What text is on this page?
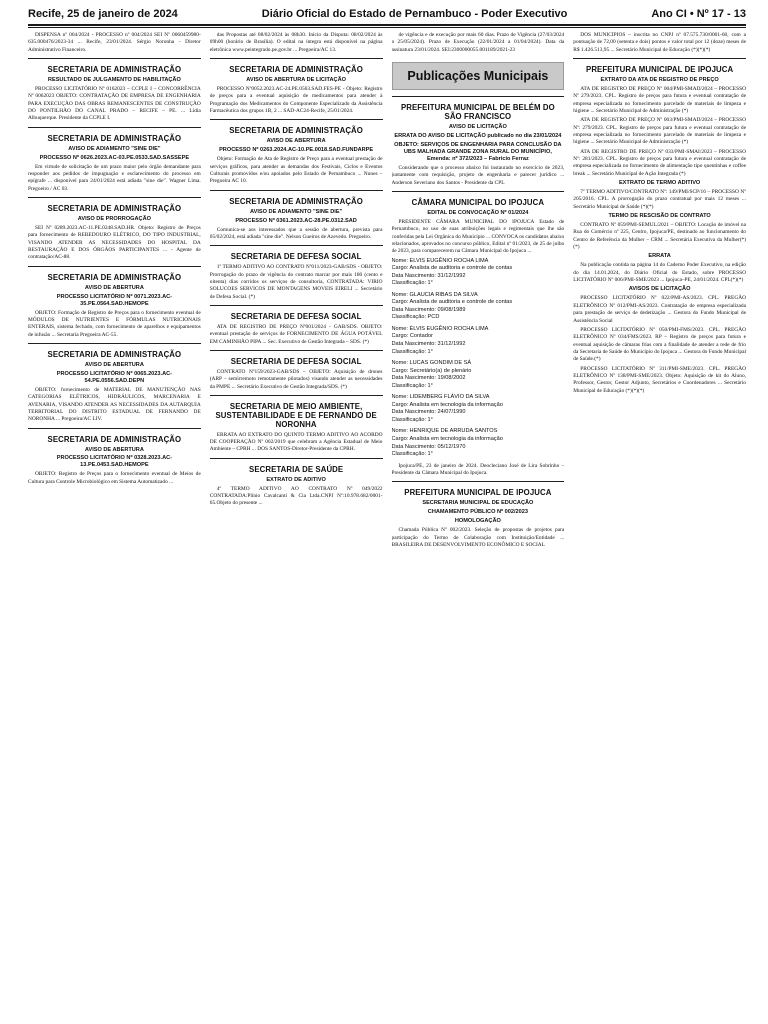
Recife, 25 de janeiro de 2024	Diário Oficial do Estado de Pernambuco - Poder Executivo	Ano CI • Nº 17 - 13

DISPENSA nº 004/2024 - PROCESSO nº 004/2024 SEI Nº 0060459980-635.000476/2023-34 ... Recife, 23/01/2024. Sérgio Noronha - Diretor Administrativo Financeiro.

SECRETARIA DE ADMINISTRAÇÃO
RESULTADO DE JULGAMENTO DE HABILITAÇÃO

PROCESSO LICITATÓRIO Nº 0162023 – CCPLE I – CONCORRÊNCIA Nº 0062023 OBJETO: CONTRATAÇÃO DE EMPRESA DE ENGENHARIA PARA EXECUÇÃO DAS OBRAS REMANESCENTES DE CONSTRUÇÃO DO PONTILHÃO DO CANAL PRADO – RECIFE – PE. ... Lídia Albuquerque. Presidente da CCPLE I.

SECRETARIA DE ADMINISTRAÇÃO
AVISO DE ADIAMENTO "SINE DIE"
PROCESSO Nº 0626.2023.AC-03.PE.0533.SAD.SASSEPE

Em virtude de solicitação de um prazo maior pelo órgão demandante para responder aos pedidos de impugnação e esclarecimento do processo em epígrafe ... disponível para 24/01/2024 está adiada "sine die". Wagner Lima. Pregoeiro / AC 03.

SECRETARIA DE ADMINISTRAÇÃO
AVISO DE PRORROGAÇÃO

SEI Nº 0289.2023.AC-11.PE.0248.SAD.HR. Objeto: Registro de Preços para fornecimento de REBEDOURO ELÉTRICO, DO TIPO INDUSTRIAL, VISANDO ATENDER AS NECESSIDADES DO HOSPITAL DA RESTAURAÇÃO E DOS ÓRGÃOS PARTICIPANTES ... - Agente de contratação/AC-88.

SECRETARIA DE ADMINISTRAÇÃO
AVISO DE ABERTURA
PROCESSO LICITATÓRIO Nº 0071.2023.AC-35.PE.0564.SAD.HEMOPE

OBJETO: Formação de Registro de Preços para o fornecimento eventual de MÓDULOS DE NUTRIENTES E FÓRMULAS NUTRICIONAIS ENTERAIS, sistema fechado, com fornecimento de aparelhos e equipamentos de infusão ... Secretaria Pregoeira AC-55.

SECRETARIA DE ADMINISTRAÇÃO
AVISO DE ABERTURA
PROCESSO LICITATÓRIO Nº 0065.2023.AC-54.PE.0556.SAD.DEPN

OBJETO: fornecimento de MATERIAL DE MANUTENÇÃO NAS CATEGORIAS ELÉTRICOS, HIDRÁULICOS, MARCENARIA E AVENARIA, VISANDO ATENDER AS NECESSIDADES DA AUTARQUIA TERRITORIAL DO DISTRITO ESTADUAL DE FERNANDO DE NORONHA ... Pregoeira/AC LIV.

SECRETARIA DE ADMINISTRAÇÃO
AVISO DE ABERTURA
PROCESSO LICITATÓRIO Nº 0328.2023.AC-13.PE.0453.SAD.HEMOPE

OBJETO: Registro de Preços para o fornecimento eventual de Meios de Cultura para Controle Microbiológico em Sistema Automatizado ...

das Propostas até 08/02/2024 às 08h30. Início da Disputa: 08/02/2024 às 09h00 (horário de Brasília). O edital na íntegra está disponível na página eletrônica www.peintegrado.pe.gov.br ... Pregoeira/AC 13.

SECRETARIA DE ADMINISTRAÇÃO
AVISO DE ABERTURA DE LICITAÇÃO

PROCESSO Nº0052.2023.AC-24.PE.0563.SAD.FES-PE - Objeto: Registro de preços para a eventual aquisição de medicamentos para atender à Programação dos Medicamentos do Componente Especializado da Assistência Farmacêutica dos grupos 1B, 2 ... SAD-AC24-Recife, 25/01/2024.

SECRETARIA DE ADMINISTRAÇÃO
AVISO DE ABERTURA
PROCESSO Nº 0263.2024.AC-10.PE.0018.SAD.FUNDARPE

Objeto: Formação de Ata de Registro de Preço para a eventual prestação de serviços gráficos, para atender as demandas dos Festivais, Ciclos e Eventos Culturais promovidos e/ou apoiados pelo Estado de Pernambuco ... Nunes – Pregoeira AC 10.

SECRETARIA DE ADMINISTRAÇÃO
AVISO DE ADIAMENTO "SINE DIE"
PROCESSO Nº 0361.2023.AC-28.PE.0312.SAD

Comunica-se aos interessados que a sessão de abertura, prevista para 05/02/2024, está adiada "sine die". Nelson Gueiros de Azevedo. Pregoeiro.

SECRETARIA DE DEFESA SOCIAL

1º TERMO ADITIVO AO CONTRATO Nº011/2023-GAB/SDS - OBJETO: Prorrogação do prazo de vigência do contrato marcar por mais 180 (cento e oitenta) dias corridos os serviços de consultoria, CONTRATADA: VIRIO SOLUCOES SERVICOS DE MONTAGENS MOVEIS EIRELI ... Secretário de Defesa Social. (*)

SECRETARIA DE DEFESA SOCIAL

ATA DE REGISTRO DE PREÇO Nº001/2024 - GAB/SDS. OBJETO: eventual prestação de serviços de FORNECIMENTO DE ÁGUA POTÁVEL EM CAMINHÃO PIPA ... Sec. Executivo de Gestão Integrada – SDS. (*)

SECRETARIA DE DEFESA SOCIAL

CONTRATO Nº159/2023-GAB/SDS – OBJETO: Aquisição de drones (ARP – semirremoto remotamente pilotados) visando atender as necessidades da PMPE ... Secretário Executivo de Gestão Integrada/SDS. (*)

SECRETARIA DE MEIO AMBIENTE, SUSTENTABILIDADE E DE FERNANDO DE NORONHA

ERRATA AO EXTRATO DO QUINTO TERMO ADITIVO AO ACORDO DE COOPERAÇÃO Nº 002/2019 que celebram a Agência Estadual de Meio Ambiente – CPRH ... DOS SANTOS-Diretor-Presidente da CPRH.

SECRETARIA DE SAÚDE
EXTRATO DE ADITIVO

4º TERMO ADITIVO AO CONTRATO Nº 049/2022 CONTRATADA:Plínio Cavalcanti & Cia Ltda.CNPJ Nº:10.978.682/0001-65.Objeto do presente ...

de vigência e de execução por mais 60 dias. Prazo de Vigência (27/03/2024 a 25/05/2024). Prazo de Execução (22/01/2024 a 01/04/2024). Data da assinatura 23/01/2024. SEI:2300000055.001189/2021-23

Publicações Municipais
PREFEITURA MUNICIPAL DE BELÉM DO SÃO FRANCISCO
AVISO DE LICITAÇÃO
ERRATA DO AVISO DE LICITAÇÃO publicado no dia 23/01/2024
OBJETO: SERVIÇOS DE ENGENHARIA PARA CONCLUSÃO DA UBS MALHADA GRANDE ZONA RURAL DO MUNICÍPIO, Emenda: nº 372/2023 – Fabricio Ferraz

Considerando que o processo abaixo foi instaurado no exercício de 2023, juntamente com requisição, projeto de engenharia e parecer jurídico ... Anderson Severiano dos Santos - Presidente da CPL

CÂMARA MUNICIPAL DO IPOJUCA
EDITAL DE CONVOCAÇÃO Nº 01/2024

PRESIDENTE CÂMARA MUNICIPAL DO IPOJUCA Estado de Pernambuco, no uso de suas atribuições legais e regimentais que lhe são conferidas pela Lei Orgânica do Município ... CONVOCA os candidatos abaixo relacionados, aprovados no concurso público, Edital nº 01/2023, de 25 de julho de 2023, para comparecerem na Câmara Municipal do Ipojuca ...

Nome: ELVIS EUGÊNIO ROCHA LIMA
Cargo: Analista de auditoria e controle de contas
Data Nascimento: 31/12/1992
Classificação: 1°
Nome: GLAUCIA RIBAS DA SILVA
Cargo: Analista de auditoria e controle de contas
Data Nascimento: 09/08/1989
Classificação: PCD
Nome: ÉLVIS EUGÊNIO ROCHA LIMA
Cargo: Contador
Data Nascimento: 31/12/1992
Classificação: 1°
Nome: LUCAS GONDIM DE SÁ
Cargo: Secretário(a) de plenário
Data Nascimento: 19/08/2002
Classificação: 1°
Nome: LIDEMBERG FLÁVIO DA SILVA
Cargo: Analista em tecnologia da informação
Data Nascimento: 24/07/1990
Classificação: 1°
Nome: HENRIQUE DE ARRUDA SANTOS
Cargo: Analista em tecnologia da informação
Data Nascimento: 05/12/1970
Classificação: 1°

Ipojuca/PE, 23 de janeiro de 2024. Deocleciano José de Lira Sobrinho – Presidente da Câmara Municipal do Ipojuca.

PREFEITURA MUNICIPAL DE IPOJUCA
SECRETARIA MUNICIPAL DE EDUCAÇÃO
CHAMAMENTO PÚBLICO Nº 002/2023
HOMOLOGAÇÃO

Chamada Pública Nº 002/2023. Seleção de propostas de projetos para participação do Termo de Colaboração com Instituição/Entidade ... BRASILEIRA DE DESENVOLVIMENTO ECONÔMICO E SOCIAL

DOS MUNICÍPIOS – inscrita no CNPJ nº 07.575.730/0001-60, com a pontuação de 72,00 (setenta e dois) pontos e valor total por 12 (doze) meses de R$ 1.426.513,95 ... Secretário Municipal de Educação (*)(*)(*)

PREFEITURA MUNICIPAL DE IPOJUCA
EXTRATO DA ATA DE REGISTRO DE PREÇO

ATA DE REGISTRO DE PREÇO Nº 004/PMI-SMAD/2024 – PROCESSO Nº 279/2023. CPL. Registro de preços para futura e eventual contratação de empresa especializada no fornecimento parcelado de materiais de limpeza e higiene ... Secretário Municipal de Administração (*)

ATA DE REGISTRO DE PREÇO Nº 003/PMI-SMAD/2024 – PROCESSO Nº: 279/2023. CPL. Registro de preços para futura e eventual contratação de empresa especializada no fornecimento parcelado de materiais de limpeza e higiene ... Secretário Municipal de Administração (*)

ATA DE REGISTRO DE PREÇO Nº 033/PMI-SMAI/2023 – PROCESSO Nº: 281/2023. CPL. Registro de preços para futura e eventual contratação de empresa especializada no fornecimento de alimentação tipo quentinhas e coffee break ... Secretário Municipal de Ação Integrada (*)

EXTRATO DE TERMO ADITIVO

7º TERMO ADITIVO/CONTRATO Nº: 149/PMI/SCP/16 – PROCESSO Nº 205/2016. CPL. A prorrogação do prazo contratual por mais 12 meses ... Secretário Municipal de Saúde (*)(*)

TERMO DE RESCISÃO DE CONTRATO

CONTRATO Nº 059/PMI-SEMUL/2021 – OBJETO: Locação de imóvel na Rua do Comércio nº 225, Centro, Ipojuca/PE, destinado ao funcionamento do Centro de Referência da Mulher – CRM ... Secretária Executiva da Mulher(*)(*)

ERRATA

Na publicação contida na página 14 do Caderno Poder Executivo, na edição do dia 14.01.2024, do Diário Oficial do Estado, sobre PROCESSO LICITATÓRIO Nº 006/PMI-SME/2023 ... Ipojuca–PE, 24/01/2024. CPL(*)(*)

AVISOS DE LICITAÇÃO

PROCESSO LICITATÓRIO Nº 022/PMI-AS/2023. CPL. PREGÃO ELETRÔNICO Nº 012/PMI-AS/2023. Contratação de empresa especializada para prestação de serviço de dedetização ... Gestora do Fundo Municipal de Assistência Social

PROCESSO LICITATÓRIO Nº 050/PMI-FMS/2023. CPL. PREGÃO ELETRÔNICO Nº 034/FMS/2023. RP – Registro de preços para futura e eventual aquisição de câmaras frias com a finalidade de atender a rede de frio da Secretaria de Saúde do Município do Ipojuca ... Gestora do Fundo Municipal de Saúde.(*)

PROCESSO LICITATÓRIO Nº 311/PMI-SME/2023. CPL. PREGÃO ELETRÔNICO Nº 138/PMI-SME/2023. Objeto: Aquisição de kit do Aluno, Professor, Gestor, Gestor Adjunto, Secretários e Coordenadores ... Secretário Municipal de Educação (*)(*)(*)
